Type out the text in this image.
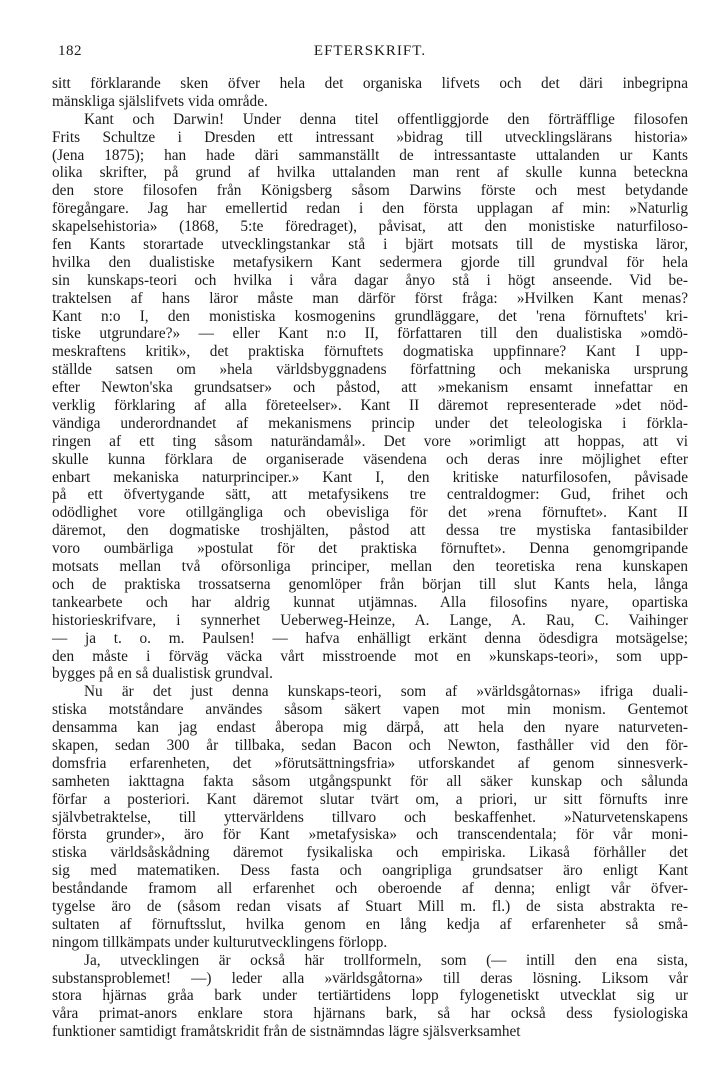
182	EFTERSKRIFT.
sitt förklarande sken öfver hela det organiska lifvets och det däri inbegripna
mänskliga själslifvets vida område.
Kant och Darwin! Under denna titel offentliggjorde den förträfflige filosofen
Frits Schultze i Dresden ett intressant »bidrag till utvecklingslärans historia»
(Jena 1875); han hade däri sammanställt de intressantaste uttalanden ur Kants
olika skrifter, på grund af hvilka uttalanden man rent af skulle kunna beteckna
den store filosofen från Königsberg såsom Darwins förste och mest betydande
föregångare. Jag har emellertid redan i den första upplagan af min: »Naturlig
skapelsehistoria» (1868, 5:te föredraget), påvisat, att den monistiske naturfiloso-
fen Kants storartade utvecklingstankar stå i bjärt motsats till de mystiska läror,
hvilka den dualistiske metafysikern Kant sedermera gjorde till grundval för hela
sin kunskaps-teori och hvilka i våra dagar ånyo stå i högt anseende. Vid be-
traktelsen af hans läror måste man därför först fråga: »Hvilken Kant menas?
Kant n:o I, den monistiska kosmogenins grundläggare, det 'rena förnuftets' kri-
tiske utgrundare?» — eller Kant n:o II, författaren till den dualistiska »omdö-
meskraftens kritik», det praktiska förnuftets dogmatiska uppfinnare? Kant I upp-
ställde satsen om »hela världsbyggnadens författning och mekaniska ursprung
efter Newton'ska grundsatser» och påstod, att »mekanism ensamt innefattar en
verklig förklaring af alla företeelser». Kant II däremot representerade »det nöd-
vändiga underordnandet af mekanismens princip under det teleologiska i förkla-
ringen af ett ting såsom naturändamål». Det vore »orimligt att hoppas, att vi
skulle kunna förklara de organiserade väsendena och deras inre möjlighet efter
enbart mekaniska naturprinciper.» Kant I, den kritiske naturfilosofen, påvisade
på ett öfvertygande sätt, att metafysikens tre centraldogmer: Gud, frihet och
odödlighet vore otillgängliga och obevisliga för det »rena förnuftet». Kant II
däremot, den dogmatiske troshjälten, påstod att dessa tre mystiska fantasibilder
voro oumbärliga »postulat för det praktiska förnuftet». Denna genomgripande
motsats mellan två oförsonliga principer, mellan den teoretiska rena kunskapen
och de praktiska trossatserna genomlöper från början till slut Kants hela, långa
tankearbete och har aldrig kunnat utjämnas. Alla filosofins nyare, opartiska
historieskrifvare, i synnerhet Ueberweg-Heinze, A. Lange, A. Rau, C. Vaihinger
— ja t. o. m. Paulsen! — hafva enhälligt erkänt denna ödesdigra motsägelse;
den måste i förväg väcka vårt misstroende mot en »kunskaps-teori», som upp-
bygges på en så dualistisk grundval.
Nu är det just denna kunskaps-teori, som af »världsgåtornas» ifriga duali-
stiska motståndare användes såsom säkert vapen mot min monism. Gentemot
densamma kan jag endast åberopa mig därpå, att hela den nyare naturveten-
skapen, sedan 300 år tillbaka, sedan Bacon och Newton, fasthåller vid den för-
domsfria erfarenheten, det »förutsättningsfria» utforskandet af genom sinnesverk-
samheten iakttagna fakta såsom utgångspunkt för all säker kunskap och sålunda
förfar a posteriori. Kant däremot slutar tvärt om, a priori, ur sitt förnufts inre
självbetraktelse, till yttervärldens tillvaro och beskaffenhet. »Naturvetenskapens
första grunder», äro för Kant »metafysiska» och transcendentala; för vår moni-
stiska världsåskådning däremot fysikaliska och empiriska. Likaså förhåller det
sig med matematiken. Dess fasta och oangripliga grundsatser äro enligt Kant
beståndande framom all erfarenhet och oberoende af denna; enligt vår öfver-
tygelse äro de (såsom redan visats af Stuart Mill m. fl.) de sista abstrakta re-
sultaten af förnuftsslut, hvilka genom en lång kedja af erfarenheter så små-
ningom tillkämpats under kulturutvecklingens förlopp.
Ja, utvecklingen är också här trollformeln, som (— intill den ena sista,
substansproblemet! —) leder alla »världsgåtorna» till deras lösning. Liksom vår
stora hjärnas gråa bark under tertiärtidens lopp fylogenetiskt utvecklat sig ur
våra primat-anors enklare stora hjärnans bark, så har också dess fysiologiska
funktioner samtidigt framåtskridit från de sistnämndas lägre själsverksamhet
